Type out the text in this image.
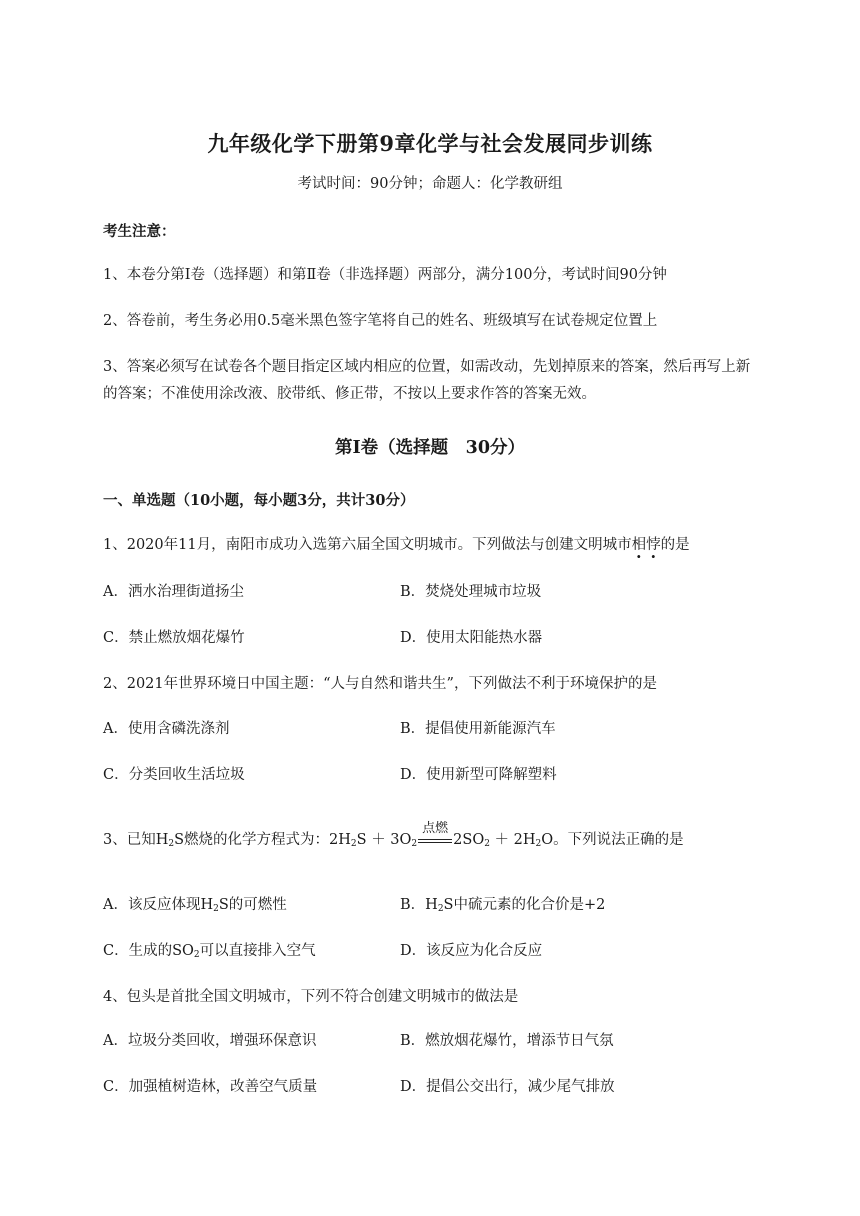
九年级化学下册第9章化学与社会发展同步训练
考试时间：90分钟；命题人：化学教研组
考生注意：
1、本卷分第Ⅰ卷（选择题）和第Ⅱ卷（非选择题）两部分，满分100分，考试时间90分钟
2、答卷前，考生务必用0.5毫米黑色签字笔将自己的姓名、班级填写在试卷规定位置上
3、答案必须写在试卷各个题目指定区域内相应的位置，如需改动，先划掉原来的答案，然后再写上新
的答案；不准使用涂改液、胶带纸、修正带，不按以上要求作答的答案无效。
第Ⅰ卷（选择题　30分）
一、单选题（10小题，每小题3分，共计30分）
1、2020年11月，南阳市成功入选第六届全国文明城市。下列做法与创建文明城市相悖的是
A．洒水治理街道扬尘	B．焚烧处理城市垃圾
C．禁止燃放烟花爆竹	D．使用太阳能热水器
2、2021年世界环境日中国主题：“人与自然和谐共生”，下列做法不利于环境保护的是
A．使用含磷洗涤剂	B．提倡使用新能源汽车
C．分类回收生活垃圾	D．使用新型可降解塑料
3、已知$H_2S$燃烧的化学方程式为：$2H_2S + 3O_2$
点燃
$2SO_2 + 2H_2O$。下列说法正确的是
A．该反应体现$H_2S$的可燃性	B．$H_2S$中硫元素的化合价是+2
C．生成的$SO_2$可以直接排入空气	D．该反应为化合反应
4、包头是首批全国文明城市，下列不符合创建文明城市的做法是
A．垃圾分类回收，增强环保意识	B．燃放烟花爆竹，增添节日气氛
C．加强植树造林，改善空气质量	D．提倡公交出行，减少尾气排放
